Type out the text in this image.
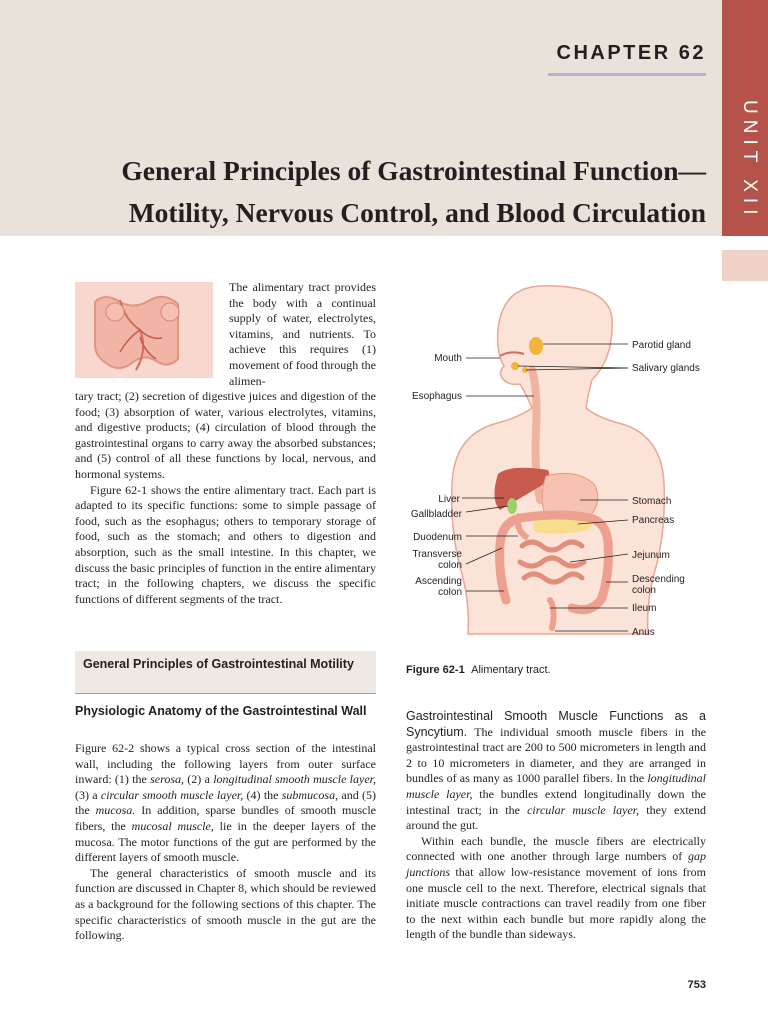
CHAPTER 62
General Principles of Gastrointestinal Function—
Motility, Nervous Control, and Blood Circulation	UNIT XII

The alimentary tract provides the body with a continual supply of water, electrolytes, vitamins, and nutrients. To achieve this requires (1) movement of food through the alimen-

tary tract; (2) secretion of digestive juices and digestion of the food; (3) absorption of water, various electrolytes, vitamins, and digestive products; (4) circulation of blood through the gastrointestinal organs to carry away the absorbed substances; and (5) control of all these functions by local, nervous, and hormonal systems.

Figure 62-1 shows the entire alimentary tract. Each part is adapted to its specific functions: some to simple passage of food, such as the esophagus; others to temporary storage of food, such as the stomach; and others to digestion and absorption, such as the small intestine. In this chapter, we discuss the basic principles of function in the entire alimentary tract; in the following chapters, we discuss the specific functions of different segments of the tract.

Mouth
Esophagus
Liver
Gallbladder
Duodenum
Transverse
colon
Ascending
colon
Parotid gland
Salivary glands
Stomach
Pancreas
Jejunum
Descending
colon
Ileum
Anus
Figure 62-1 Alimentary tract.
General Principles of Gastrointestinal Motility
Physiologic Anatomy of the Gastrointestinal Wall

Figure 62-2 shows a typical cross section of the intestinal wall, including the following layers from outer surface inward: (1) the serosa, (2) a longitudinal smooth muscle layer, (3) a circular smooth muscle layer, (4) the submucosa, and (5) the mucosa. In addition, sparse bundles of smooth muscle fibers, the mucosal muscle, lie in the deeper layers of the mucosa. The motor functions of the gut are performed by the different layers of smooth muscle.

The general characteristics of smooth muscle and its function are discussed in Chapter 8, which should be reviewed as a background for the following sections of this chapter. The specific characteristics of smooth muscle in the gut are the following.

Gastrointestinal Smooth Muscle Functions as a Syncytium. The individual smooth muscle fibers in the gastrointestinal tract are 200 to 500 micrometers in length and 2 to 10 micrometers in diameter, and they are arranged in bundles of as many as 1000 parallel fibers. In the longitudinal muscle layer, the bundles extend longitudinally down the intestinal tract; in the circular muscle layer, they extend around the gut.

Within each bundle, the muscle fibers are electrically connected with one another through large numbers of gap junctions that allow low-resistance movement of ions from one muscle cell to the next. Therefore, electrical signals that initiate muscle contractions can travel readily from one fiber to the next within each bundle but more rapidly along the length of the bundle than sideways.

753
